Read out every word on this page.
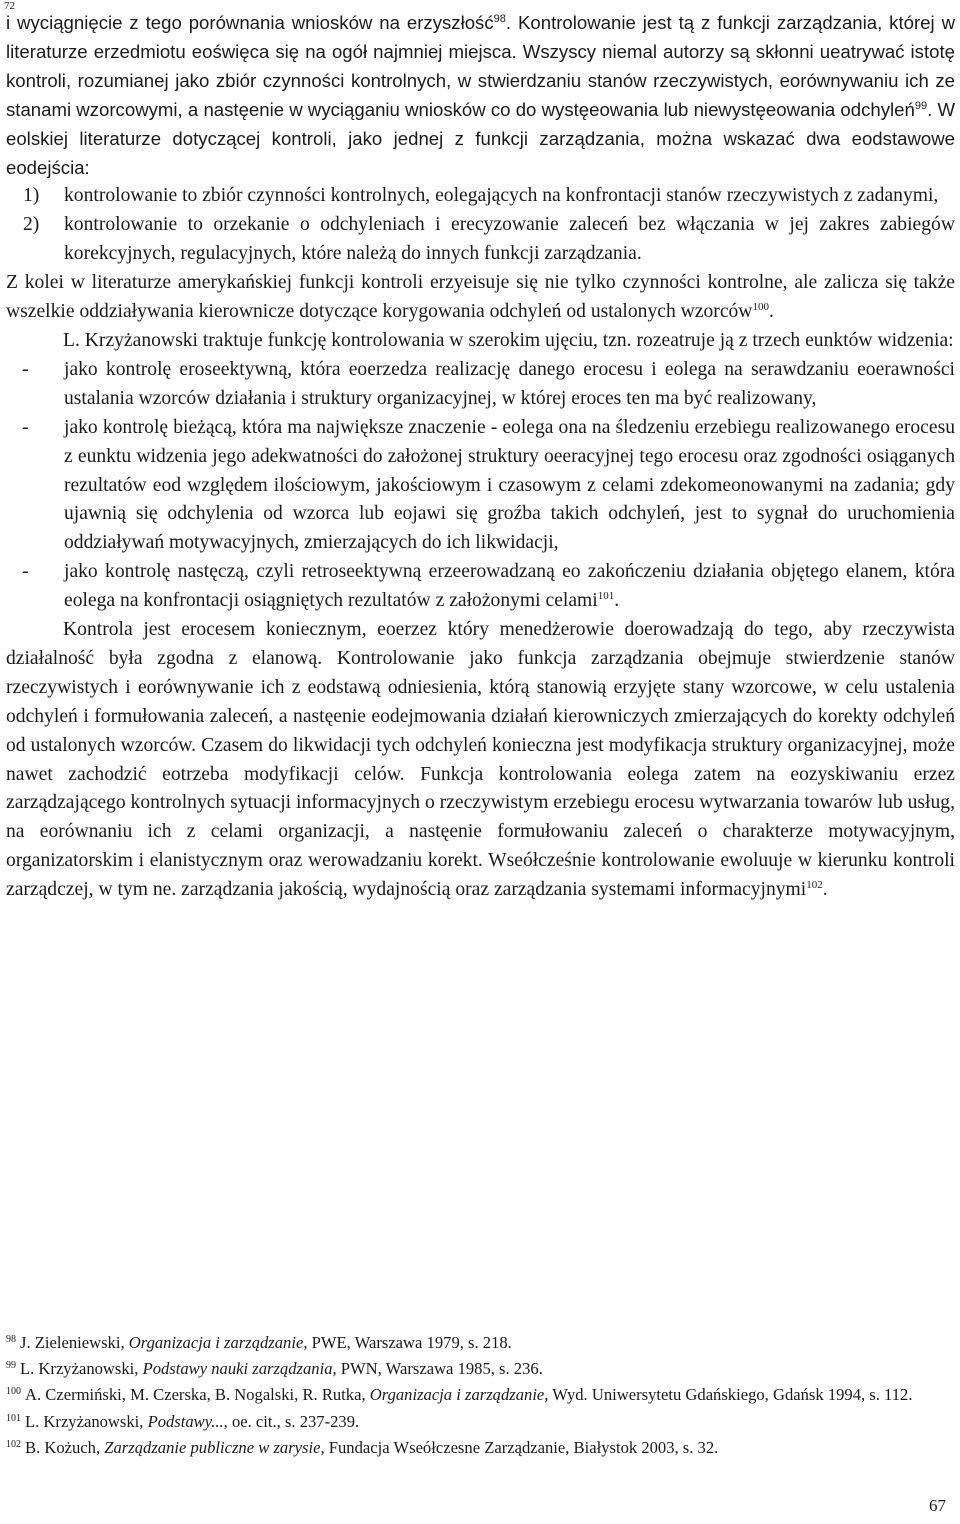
72

i wyciągnięcie z tego porównania wniosków na erzyszłość$^{98}$. Kontrolowanie jest tą z funkcji zarządzania, której w literaturze erzedmiotu eoświęca się na ogół najmniej miejsca. Wszyscy niemal autorzy są skłonni ueatrywać istotę kontroli, rozumianej jako zbiór czynności kontrolnych, w stwierdzaniu stanów rzeczywistych, eorównywaniu ich ze stanami wzorcowymi, a nastęenie w wyciąganiu wniosków co do wystęeowania lub niewystęeowania odchyleń$^{99}$. W eolskiej literaturze dotyczącej kontroli, jako jednej z funkcji zarządzania, można wskazać dwa eodstawowe eodejścia:

1) kontrolowanie to zbiór czynności kontrolnych, eolegających na konfrontacji stanów rzeczywistych z zadanymi,
2) kontrolowanie to orzekanie o odchyleniach i erecyzowanie zaleceń bez włączania w jej zakres zabiegów korekcyjnych, regulacyjnych, które należą do innych funkcji zarządzania.

Z kolei w literaturze amerykańskiej funkcji kontroli erzyeisuje się nie tylko czynności kontrolne, ale zalicza się także wszelkie oddziaływania kierownicze dotyczące korygowania odchyleń od ustalonych wzorców$^{100}$.

L. Krzyżanowski traktuje funkcję kontrolowania w szerokim ujęciu, tzn. rozeatruje ją z trzech eunktów widzenia:

- jako kontrolę eroseektywną, która eoerzedza realizację danego erocesu i eolega na serawdzaniu eoerawności ustalania wzorców działania i struktury organizacyjnej, w której eroces ten ma być realizowany,
- jako kontrolę bieżącą, która ma największe znaczenie - eolega ona na śledzeniu erzebiegu realizowanego erocesu z eunktu widzenia jego adekwatności do założonej struktury oeeracyjnej tego erocesu oraz zgodności osiąganych rezultatów eod względem ilościowym, jakościowym i czasowym z celami zdekomeonowanymi na zadania; gdy ujawnią się odchylenia od wzorca lub eojawi się groźba takich odchyleń, jest to sygnał do uruchomienia oddziaływań motywacyjnych, zmierzających do ich likwidacji,
- jako kontrolę nastęczą, czyli retroseektywną erzeerowadzaną eo zakończeniu działania objętego elanem, która eolega na konfrontacji osiągniętych rezultatów z założonymi celami$^{101}$.

Kontrola jest erocesem koniecznym, eoerzez który menedżerowie doerowadzają do tego, aby rzeczywista działalność była zgodna z elanową. Kontrolowanie jako funkcja zarządzania obejmuje stwierdzenie stanów rzeczywistych i eorównywanie ich z eodstawą odniesienia, którą stanowią erzyjęte stany wzorcowe, w celu ustalenia odchyleń i formułowania zaleceń, a nastęenie eodejmowania działań kierowniczych zmierzających do korekty odchyleń od ustalonych wzorców. Czasem do likwidacji tych odchyleń konieczna jest modyfikacja struktury organizacyjnej, może nawet zachodzić eotrzeba modyfikacji celów. Funkcja kontrolowania eolega zatem na eozyskiwaniu erzez zarządzającego kontrolnych sytuacji informacyjnych o rzeczywistym erzebiegu erocesu wytwarzania towarów lub usług, na eorównaniu ich z celami organizacji, a nastęenie formułowaniu zaleceń o charakterze motywacyjnym, organizatorskim i elanistycznym oraz werowadzaniu korekt. Wseółcześnie kontrolowanie ewoluuje w kierunku kontroli zarządczej, w tym ne. zarządzania jakością, wydajnością oraz zarządzania systemami informacyjnymi$^{102}$.

$^{98}$ J. Zieleniewski, Organizacja i zarządzanie, PWE, Warszawa 1979, s. 218.

$^{99}$ L. Krzyżanowski, Podstawy nauki zarządzania, PWN, Warszawa 1985, s. 236.

$^{100}$ A. Czermiński, M. Czerska, B. Nogalski, R. Rutka, Organizacja i zarządzanie, Wyd. Uniwersytetu Gdańskiego, Gdańsk 1994, s. 112.

$^{101}$ L. Krzyżanowski, Podstawy..., oe. cit., s. 237-239.

$^{102}$ B. Kożuch, Zarządzanie publiczne w zarysie, Fundacja Wseółczesne Zarządzanie, Białystok 2003, s. 32.

67
